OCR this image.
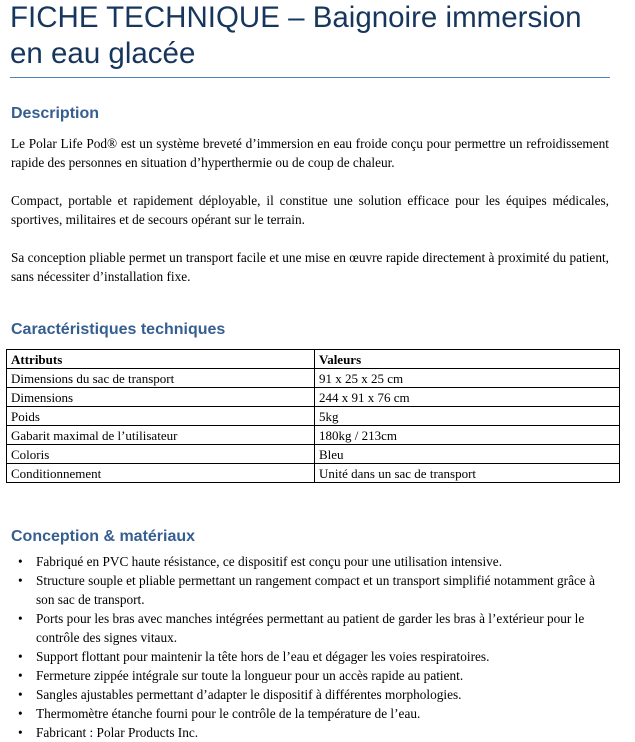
FICHE TECHNIQUE – Baignoire immersion
en eau glacée
Description

Le Polar Life Pod® est un système breveté d’immersion en eau froide conçu pour permettre un refroidissement rapide des personnes en situation d’hyperthermie ou de coup de chaleur.

Compact, portable et rapidement déployable, il constitue une solution efficace pour les équipes médicales, sportives, militaires et de secours opérant sur le terrain.

Sa conception pliable permet un transport facile et une mise en œuvre rapide directement à proximité du patient, sans nécessiter d’installation fixe.

Caractéristiques techniques
Attributs	Valeurs
Dimensions du sac de transport	91 x 25 x 25 cm
Dimensions	244 x 91 x 76 cm
Poids	5kg
Gabarit maximal de l’utilisateur	180kg / 213cm
Coloris	Bleu
Conditionnement	Unité dans un sac de transport
Conception & matériaux
•	Fabriqué en PVC haute résistance, ce dispositif est conçu pour une utilisation intensive.
•	Structure souple et pliable permettant un rangement compact et un transport simplifié notamment grâce à son sac de transport.
•	Ports pour les bras avec manches intégrées permettant au patient de garder les bras à l’extérieur pour le contrôle des signes vitaux.
•	Support flottant pour maintenir la tête hors de l’eau et dégager les voies respiratoires.
•	Fermeture zippée intégrale sur toute la longueur pour un accès rapide au patient.
•	Sangles ajustables permettant d’adapter le dispositif à différentes morphologies.
•	Thermomètre étanche fourni pour le contrôle de la température de l’eau.
•	Fabricant : Polar Products Inc.
